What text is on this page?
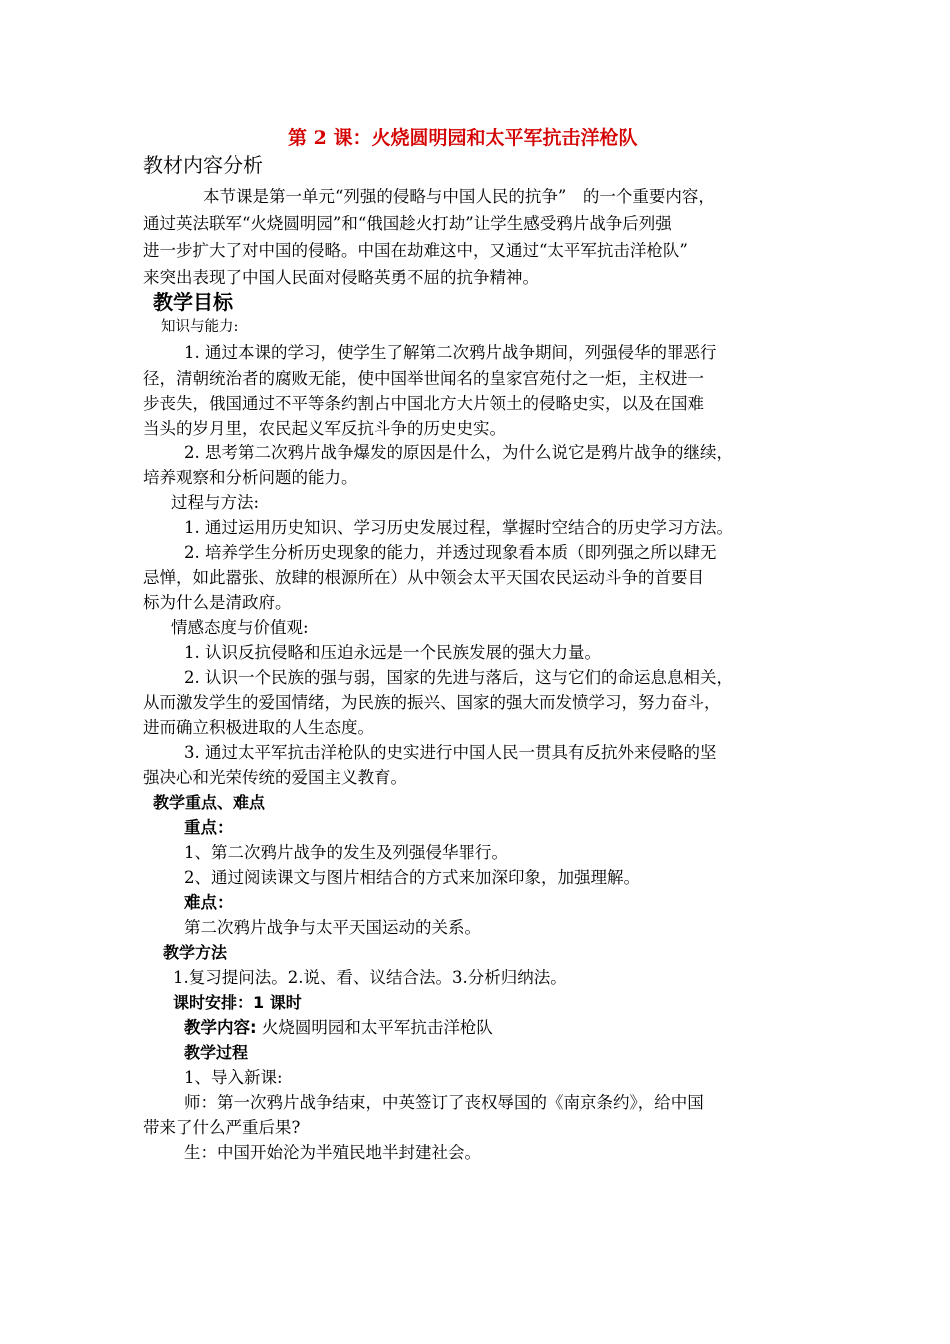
第 2 课：火烧圆明园和太平军抗击洋枪队
教材内容分析
本节课是第一单元“列强的侵略与中国人民的抗争”　的一个重要内容，
通过英法联军“火烧圆明园”和“俄国趁火打劫”让学生感受鸦片战争后列强
进一步扩大了对中国的侵略。中国在劫难这中，又通过“太平军抗击洋枪队”
来突出表现了中国人民面对侵略英勇不屈的抗争精神。
教学目标
知识与能力:
1. 通过本课的学习，使学生了解第二次鸦片战争期间，列强侵华的罪恶行
径，清朝统治者的腐败无能，使中国举世闻名的皇家宫苑付之一炬，主权进一
步丧失，俄国通过不平等条约割占中国北方大片领土的侵略史实，以及在国难
当头的岁月里，农民起义军反抗斗争的历史史实。
2. 思考第二次鸦片战争爆发的原因是什么，为什么说它是鸦片战争的继续，
培养观察和分析问题的能力。
过程与方法:
1. 通过运用历史知识、学习历史发展过程，掌握时空结合的历史学习方法。
2. 培养学生分析历史现象的能力，并透过现象看本质（即列强之所以肆无
忌惮，如此嚣张、放肆的根源所在）从中领会太平天国农民运动斗争的首要目
标为什么是清政府。
情感态度与价值观:
1. 认识反抗侵略和压迫永远是一个民族发展的强大力量。
2. 认识一个民族的强与弱，国家的先进与落后，这与它们的命运息息相关，
从而激发学生的爱国情绪，为民族的振兴、国家的强大而发愤学习，努力奋斗，
进而确立积极进取的人生态度。
3. 通过太平军抗击洋枪队的史实进行中国人民一贯具有反抗外来侵略的坚
强决心和光荣传统的爱国主义教育。
教学重点、难点
重点：
1、第二次鸦片战争的发生及列强侵华罪行。
2、通过阅读课文与图片相结合的方式来加深印象，加强理解。
难点：
第二次鸦片战争与太平天国运动的关系。
教学方法
1.复习提问法。2.说、看、议结合法。3.分析归纳法。
课时安排：1 课时
教学内容: 火烧圆明园和太平军抗击洋枪队
教学过程
1、导入新课:
师：第一次鸦片战争结束，中英签订了丧权辱国的《南京条约》，给中国
带来了什么严重后果?
生：中国开始沦为半殖民地半封建社会。
